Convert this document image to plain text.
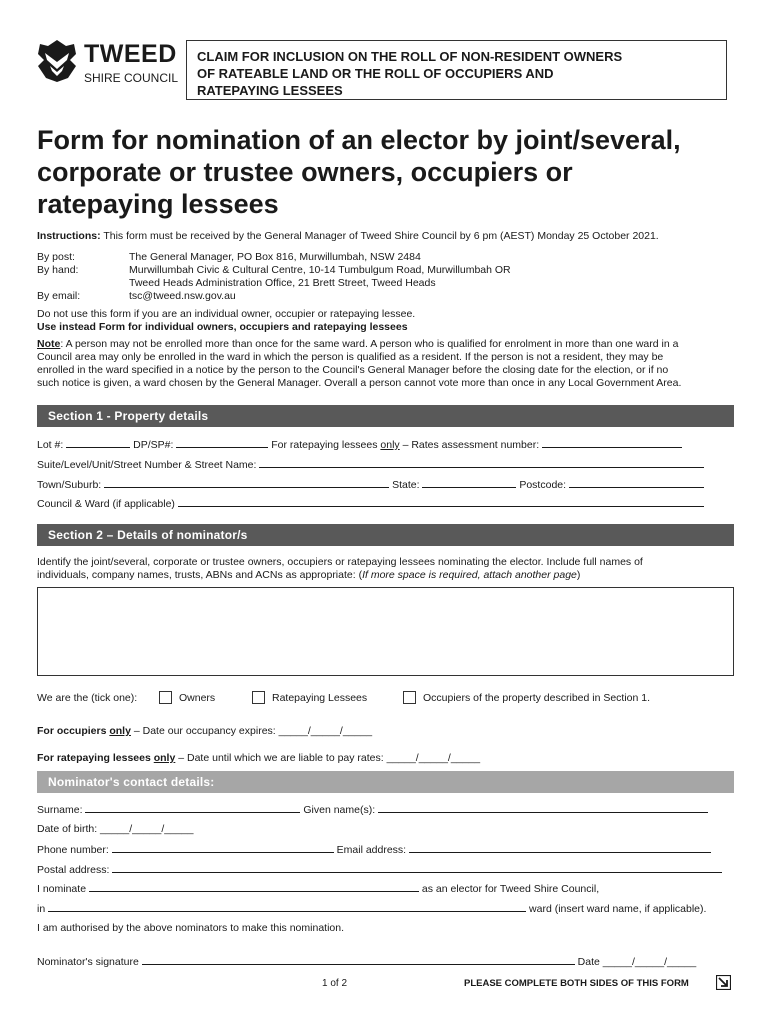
TWEED
SHIRE COUNCIL
CLAIM FOR INCLUSION ON THE ROLL OF NON-RESIDENT OWNERS
OF RATEABLE LAND OR THE ROLL OF OCCUPIERS AND
RATEPAYING LESSEES
Form for nomination of an elector by joint/several,
corporate or trustee owners, occupiers or
ratepaying lessees
Instructions: This form must be received by the General Manager of Tweed Shire Council by 6 pm (AEST) Monday 25 October 2021.
By post:	The General Manager, PO Box 816, Murwillumbah, NSW 2484
By hand:	Murwillumbah Civic & Cultural Centre, 10-14 Tumbulgum Road, Murwillumbah OR
Tweed Heads Administration Office, 21 Brett Street, Tweed Heads
By email:	tsc@tweed.nsw.gov.au
Do not use this form if you are an individual owner, occupier or ratepaying lessee.
Use instead Form for individual owners, occupiers and ratepaying lessees
Note: A person may not be enrolled more than once for the same ward. A person who is qualified for enrolment in more than one ward in a
Council area may only be enrolled in the ward in which the person is qualified as a resident. If the person is not a resident, they may be
enrolled in the ward specified in a notice by the person to the Council's General Manager before the closing date for the election, or if no
such notice is given, a ward chosen by the General Manager. Overall a person cannot vote more than once in any Local Government Area.
Section 1 - Property details
Lot #:	DP/SP#:	For ratepaying lessees only – Rates assessment number:
Suite/Level/Unit/Street Number & Street Name:
Town/Suburb:	State:	Postcode:
Council & Ward (if applicable)
Section 2 – Details of nominator/s
Identify the joint/several, corporate or trustee owners, occupiers or ratepaying lessees nominating the elector. Include full names of
individuals, company names, trusts, ABNs and ACNs as appropriate: (If more space is required, attach another page)
We are the (tick one):	Owners	Ratepaying Lessees	Occupiers of the property described in Section 1.
For occupiers only – Date our occupancy expires: _____/_____/_____
For ratepaying lessees only – Date until which we are liable to pay rates: _____/_____/_____
Nominator's contact details:
Surname:	Given name(s):
Date of birth: _____/_____/_____
Phone number:	Email address:
Postal address:
I nominate	as an elector for Tweed Shire Council,
in	ward (insert ward name, if applicable).
I am authorised by the above nominators to make this nomination.
Nominator's signature	Date _____/_____/_____
1 of 2	PLEASE COMPLETE BOTH SIDES OF THIS FORM
